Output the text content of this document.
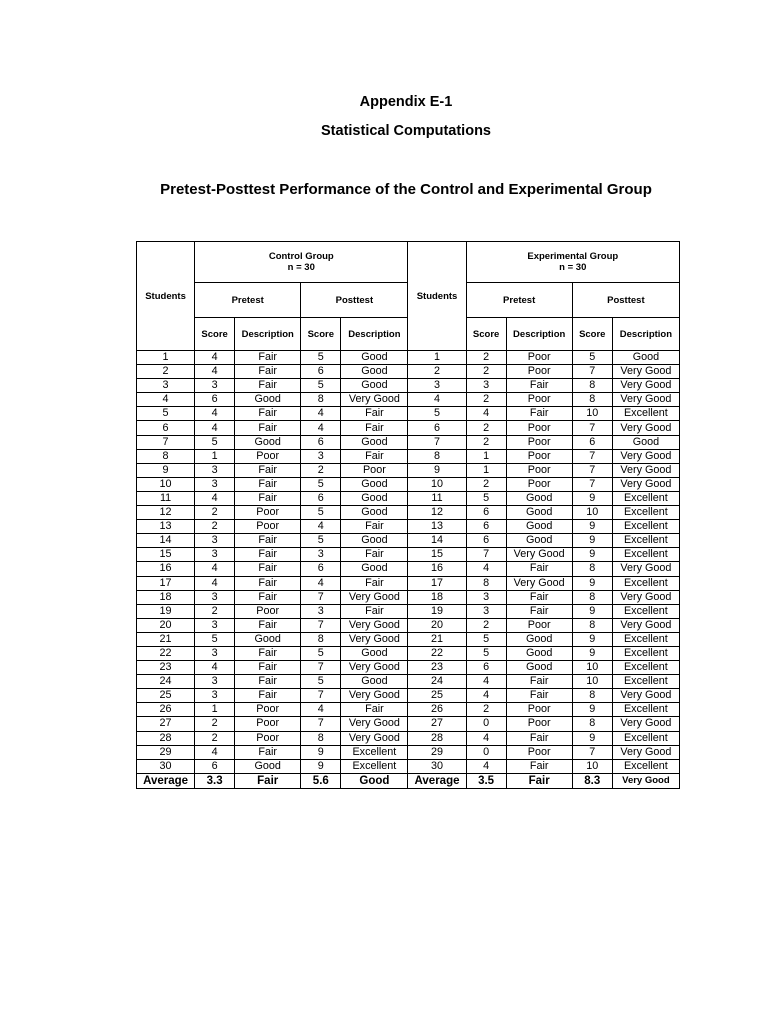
Appendix E-1
Statistical Computations
Pretest-Posttest Performance of the Control and Experimental Group
Students	Control Group
n = 30				Students	Experimental Group
n = 30			
	Pretest		Posttest			Pretest		Posttest	
	Score	Description	Score	Description		Score	Description	Score	Description
1	4	Fair	5	Good	1	2	Poor	5	Good
2	4	Fair	6	Good	2	2	Poor	7	Very Good
3	3	Fair	5	Good	3	3	Fair	8	Very Good
4	6	Good	8	Very Good	4	2	Poor	8	Very Good
5	4	Fair	4	Fair	5	4	Fair	10	Excellent
6	4	Fair	4	Fair	6	2	Poor	7	Very Good
7	5	Good	6	Good	7	2	Poor	6	Good
8	1	Poor	3	Fair	8	1	Poor	7	Very Good
9	3	Fair	2	Poor	9	1	Poor	7	Very Good
10	3	Fair	5	Good	10	2	Poor	7	Very Good
11	4	Fair	6	Good	11	5	Good	9	Excellent
12	2	Poor	5	Good	12	6	Good	10	Excellent
13	2	Poor	4	Fair	13	6	Good	9	Excellent
14	3	Fair	5	Good	14	6	Good	9	Excellent
15	3	Fair	3	Fair	15	7	Very Good	9	Excellent
16	4	Fair	6	Good	16	4	Fair	8	Very Good
17	4	Fair	4	Fair	17	8	Very Good	9	Excellent
18	3	Fair	7	Very Good	18	3	Fair	8	Very Good
19	2	Poor	3	Fair	19	3	Fair	9	Excellent
20	3	Fair	7	Very Good	20	2	Poor	8	Very Good
21	5	Good	8	Very Good	21	5	Good	9	Excellent
22	3	Fair	5	Good	22	5	Good	9	Excellent
23	4	Fair	7	Very Good	23	6	Good	10	Excellent
24	3	Fair	5	Good	24	4	Fair	10	Excellent
25	3	Fair	7	Very Good	25	4	Fair	8	Very Good
26	1	Poor	4	Fair	26	2	Poor	9	Excellent
27	2	Poor	7	Very Good	27	0	Poor	8	Very Good
28	2	Poor	8	Very Good	28	4	Fair	9	Excellent
29	4	Fair	9	Excellent	29	0	Poor	7	Very Good
30	6	Good	9	Excellent	30	4	Fair	10	Excellent
Average	3.3	Fair	5.6	Good	Average	3.5	Fair	8.3	Very Good
